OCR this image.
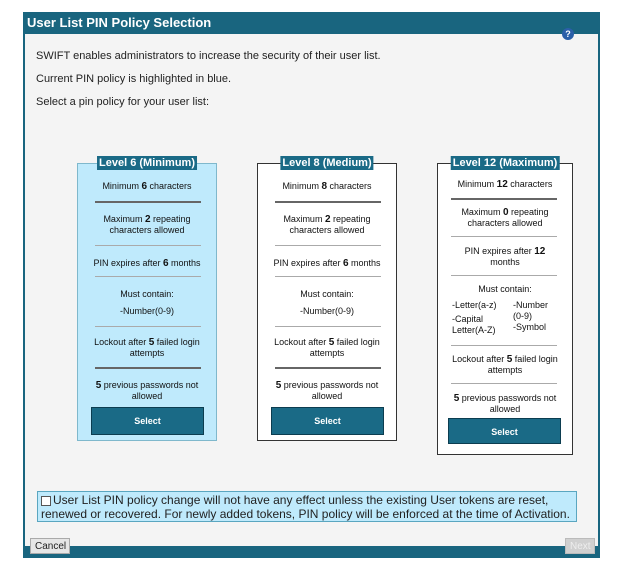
User List PIN Policy Selection
?
SWIFT enables administrators to increase the security of their user list.
Current PIN policy is highlighted in blue.
Select a pin policy for your user list:
Level 6 (Minimum)
Minimum 6 characters
Maximum 2 repeating
characters allowed
PIN expires after 6 months
Must contain:
-Number(0-9)
Lockout after 5 failed login
attempts
5 previous passwords not
allowed
Select
Level 8 (Medium)
Minimum 8 characters
Maximum 2 repeating
characters allowed
PIN expires after 6 months
Must contain:
-Number(0-9)
Lockout after 5 failed login
attempts
5 previous passwords not
allowed
Select
Level 12 (Maximum)
Minimum 12 characters
Maximum 0 repeating
characters allowed
PIN expires after 12
months
Must contain:
-Letter(a-z)
-Capital
Letter(A-Z)
-Number
(0-9)
-Symbol
Lockout after 5 failed login
attempts
5 previous passwords not
allowed
Select
User List PIN policy change will not have any effect unless the existing User tokens are reset,
renewed or recovered. For newly added tokens, PIN policy will be enforced at the time of Activation.
Cancel	Next
